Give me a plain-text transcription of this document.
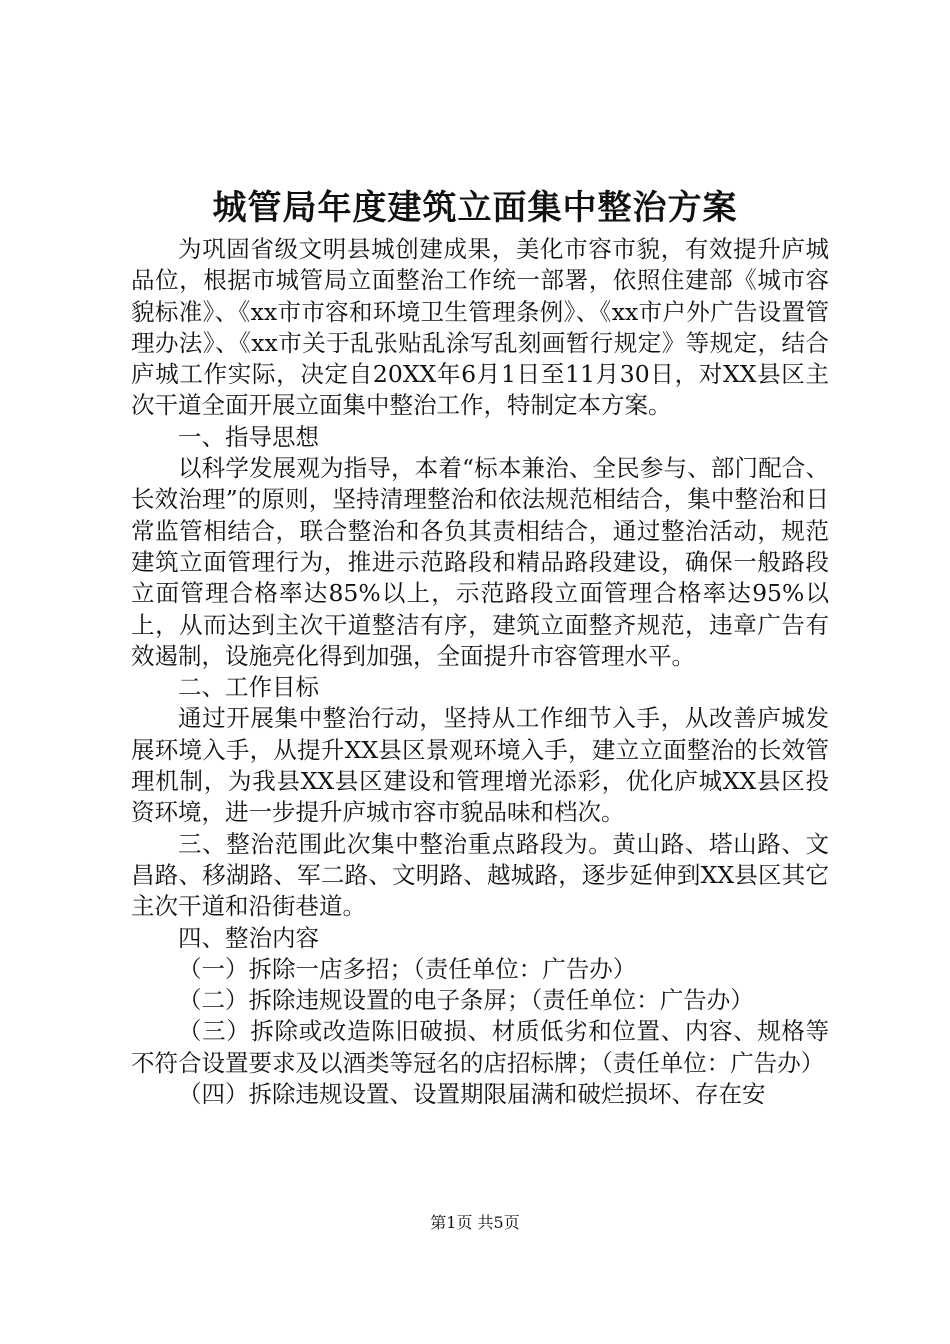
城管局年度建筑立面集中整治方案

为巩固省级文明县城创建成果，美化市容市貌，有效提升庐城品位，根据市城管局立面整治工作统一部署，依照住建部《城市容貌标准》、《xx市市容和环境卫生管理条例》、《xx市户外广告设置管理办法》、《xx市关于乱张贴乱涂写乱刻画暂行规定》等规定，结合庐城工作实际，决定自20XX年6月1日至11月30日，对XX县区主次干道全面开展立面集中整治工作，特制定本方案。

一、指导思想

以科学发展观为指导，本着“标本兼治、全民参与、部门配合、长效治理”的原则，坚持清理整治和依法规范相结合，集中整治和日常监管相结合，联合整治和各负其责相结合，通过整治活动，规范建筑立面管理行为，推进示范路段和精品路段建设，确保一般路段立面管理合格率达85%以上，示范路段立面管理合格率达95%以上，从而达到主次干道整洁有序，建筑立面整齐规范，违章广告有效遏制，设施亮化得到加强，全面提升市容管理水平。

二、工作目标

通过开展集中整治行动，坚持从工作细节入手，从改善庐城发展环境入手，从提升XX县区景观环境入手，建立立面整治的长效管理机制，为我县XX县区建设和管理增光添彩，优化庐城XX县区投资环境，进一步提升庐城市容市貌品味和档次。

三、整治范围此次集中整治重点路段为。黄山路、塔山路、文昌路、移湖路、军二路、文明路、越城路，逐步延伸到XX县区其它主次干道和沿街巷道。

四、整治内容

（一）拆除一店多招；（责任单位：广告办）

（二）拆除违规设置的电子条屏；（责任单位：广告办）

（三）拆除或改造陈旧破损、材质低劣和位置、内容、规格等不符合设置要求及以酒类等冠名的店招标牌；（责任单位：广告办）

（四）拆除违规设置、设置期限届满和破烂损坏、存在安

第1页 共5页
